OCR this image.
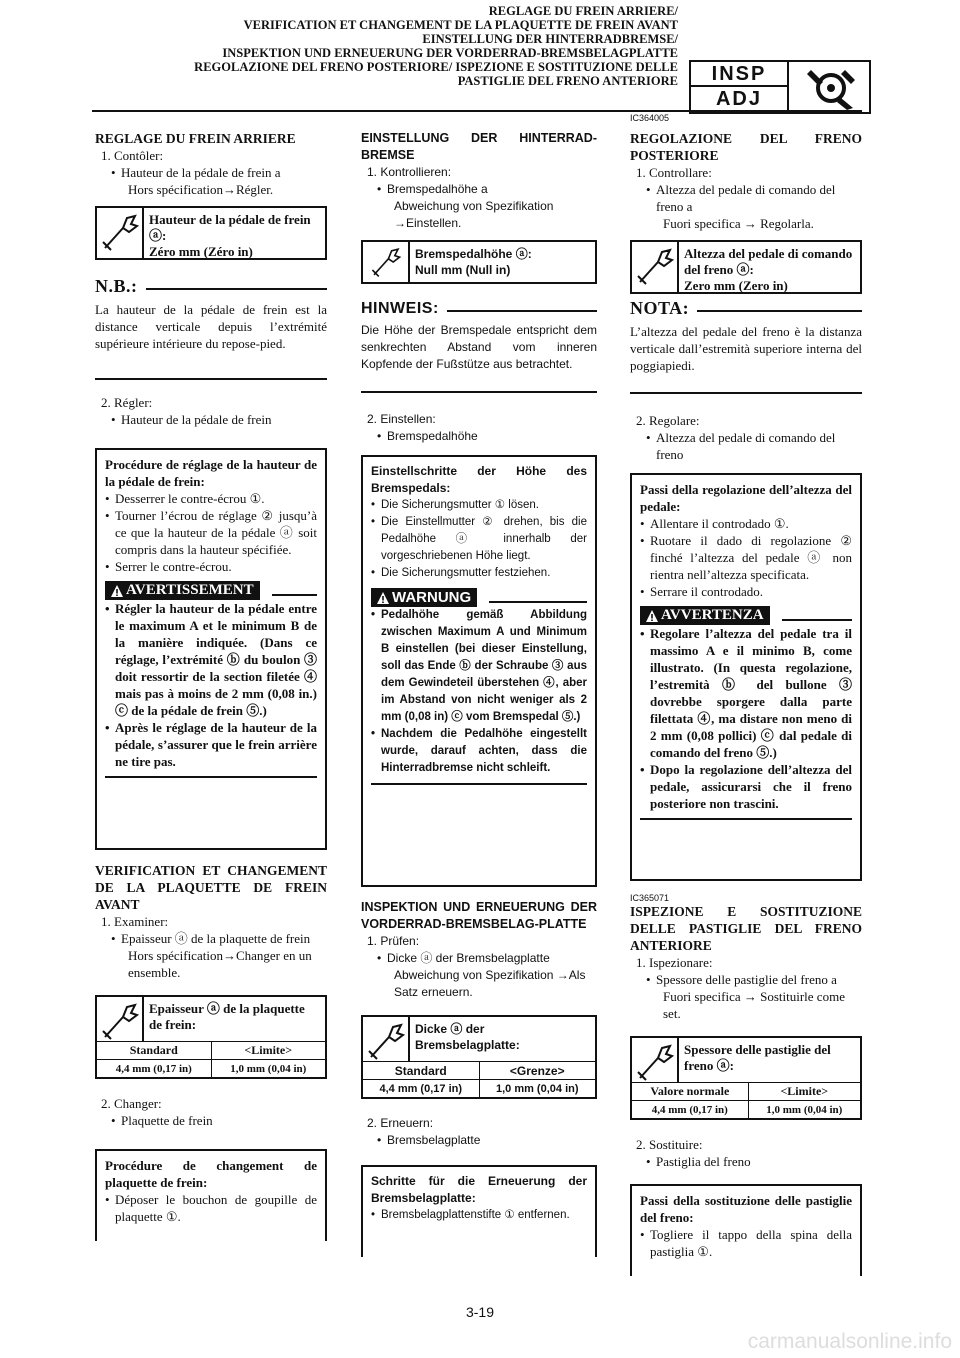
REGLAGE DU FREIN ARRIERE/
VERIFICATION ET CHANGEMENT DE LA PLAQUETTE DE FREIN AVANT
EINSTELLUNG DER HINTERRADBREMSE/
INSPEKTION UND ERNEUERUNG DER VORDERRAD-BREMSBELAGPLATTE
REGOLAZIONE DEL FRENO POSTERIORE/ ISPEZIONE E SOSTITUZIONE DELLE
PASTIGLIE DEL FRENO ANTERIORE	INSP
ADJ
IC364005

REGLAGE DU FREIN ARRIERE

1. Contôler:

• Hauteur de la pédale de frein a

Hors spécification→Régler.

Hauteur de la pédale de frein ⓐ:
Zéro mm (Zéro in)
N.B.:
La hauteur de la pédale de frein est la distance verticale depuis l’extrémité supérieure intérieure du repose-pied.

2. Régler:

• Hauteur de la pédale de frein

Procédure de réglage de la hauteur de la pédale de frein:
• Desserrer le contre-écrou ①.
• Tourner l’écrou de réglage ② jusqu’à ce que la hauteur de la pédale ⓐ soit compris dans la hauteur spécifiée.
• Serrer le contre-écrou.
AVERTISSEMENT
• Régler la hauteur de la pédale entre le maximum A et le minimum B de la manière indiquée. (Dans ce réglage, l’extrémité ⓑ du boulon ③ doit ressortir de la section filetée ④ mais pas à moins de 2 mm (0,08 in.) ⓒ de la pédale de frein ⑤.)
• Après le réglage de la hauteur de la pédale, s’assurer que le frein arrière ne tire pas.

VERIFICATION ET CHANGEMENT DE LA PLAQUETTE DE FREIN AVANT

1. Examiner:

• Epaisseur ⓐ de la plaquette de frein

Hors spécification→Changer en un ensemble.

Epaisseur ⓐ de la plaquette de frein:
Standard	<Limite>
4,4 mm (0,17 in)	1,0 mm (0,04 in)

2. Changer:

• Plaquette de frein

Procédure de changement de plaquette de frein:
• Déposer le bouchon de goupille de plaquette ①.

EINSTELLUNG DER HINTERRAD-BREMSE

1. Kontrollieren:

• Bremspedalhöhe a

Abweichung von Spezifikation →Einstellen.

Bremspedalhöhe ⓐ:
Null mm (Null in)
HINWEIS:
Die Höhe der Bremspedale entspricht dem senkrechten Abstand vom inneren Kopfende der Fußstütze aus betrachtet.

2. Einstellen:

• Bremspedalhöhe

Einstellschritte der Höhe des Bremspedals:
• Die Sicherungsmutter ① lösen.
• Die Einstellmutter ② drehen, bis die Pedalhöhe ⓐ innerhalb der vorgeschriebenen Höhe liegt.
• Die Sicherungsmutter festziehen.
WARNUNG
• Pedalhöhe gemäß Abbildung zwischen Maximum A und Minimum B einstellen (bei dieser Einstellung, soll das Ende ⓑ der Schraube ③ aus dem Gewindeteil überstehen ④, aber im Abstand von nicht weniger als 2 mm (0,08 in) ⓒ vom Bremspedal ⑤.)
• Nachdem die Pedalhöhe eingestellt wurde, darauf achten, dass die Hinterradbremse nicht schleift.

INSPEKTION UND ERNEUERUNG DER VORDERRAD-BREMSBELAG-PLATTE

1. Prüfen:

• Dicke ⓐ der Bremsbelagplatte

Abweichung von Spezifikation →Als Satz erneuern.

Dicke ⓐ der Bremsbelagplatte:
Standard	<Grenze>
4,4 mm (0,17 in)	1,0 mm (0,04 in)

2. Erneuern:

• Bremsbelagplatte

Schritte für die Erneuerung der Bremsbelagplatte:
• Bremsbelagplattenstifte ① entfernen.

REGOLAZIONE DEL FRENO POSTERIORE

1. Controllare:

• Altezza del pedale di comando del freno a

Fuori specifica → Regolarla.

Altezza del pedale di comando del freno ⓐ:
Zero mm (Zero in)
NOTA:
L’altezza del pedale del freno è la distanza verticale dall’estremità superiore interna del poggiapiedi.

2. Regolare:

• Altezza del pedale di comando del freno

Passi della regolazione dell’altezza del pedale:
• Allentare il controdado ①.
• Ruotare il dado di regolazione ② finché l’altezza del pedale ⓐ non rientra nell’altezza specificata.
• Serrare il controdado.
AVVERTENZA
• Regolare l’altezza del pedale tra il massimo A e il minimo B, come illustrato. (In questa regolazione, l’estremità ⓑ del bullone ③ dovrebbe sporgere dalla parte filettata ④, ma distare non meno di 2 mm (0,08 pollici) ⓒ dal pedale di comando del freno ⑤.)
• Dopo la regolazione dell’altezza del pedale, assicurarsi che il freno posteriore non trascini.
IC365071

ISPEZIONE E SOSTITUZIONE DELLE PASTIGLIE DEL FRENO ANTERIORE

1. Ispezionare:

• Spessore delle pastiglie del freno a

Fuori specifica → Sostituirle come set.

Spessore delle pastiglie del freno ⓐ:
Valore normale	<Limite>
4,4 mm (0,17 in)	1,0 mm (0,04 in)

2. Sostituire:

• Pastiglia del freno

Passi della sostituzione delle pastiglie del freno:
• Togliere il tappo della spina della pastiglia ①.
3-19
carmanualsonline.info
